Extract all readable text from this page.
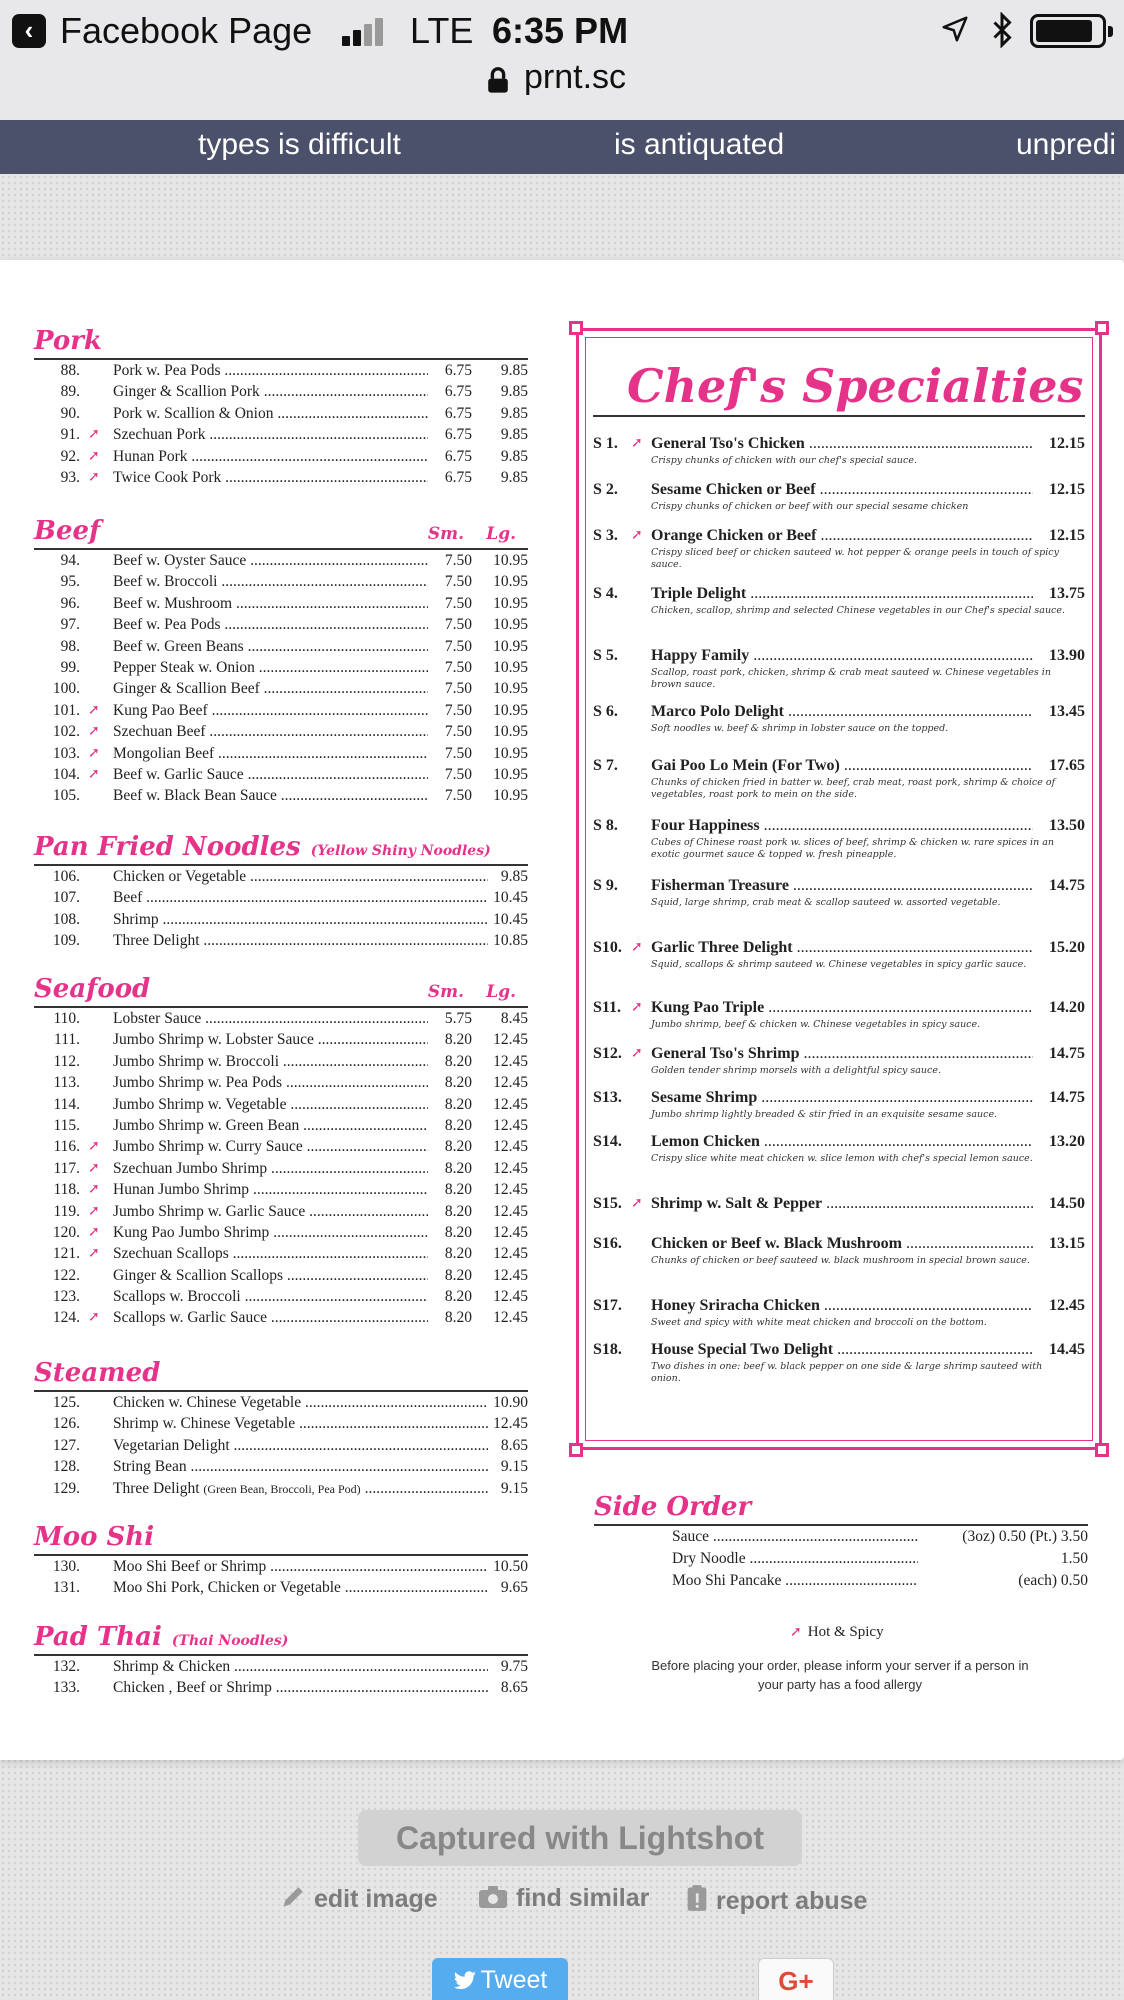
‹ Facebook Page	LTE 6:35 PM
prnt.sc
types is difficult	is antiquated	unpredi
Pork
88. Pork w. Pea Pods .....	6.75	9.85
89. Ginger & Scallion Pork .....	6.75	9.85
90. Pork w. Scallion & Onion .....	6.75	9.85
91. ➚ Szechuan Pork .....	6.75	9.85
92. ➚ Hunan Pork .....	6.75	9.85
93. ➚ Twice Cook Pork .....	6.75	9.85
Beef	Sm. Lg.
94. Beef w. Oyster Sauce .....	7.50	10.95
95. Beef w. Broccoli .....	7.50	10.95
96. Beef w. Mushroom .....	7.50	10.95
97. Beef w. Pea Pods .....	7.50	10.95
98. Beef w. Green Beans .....	7.50	10.95
99. Pepper Steak w. Onion .....	7.50	10.95
100. Ginger & Scallion Beef .....	7.50	10.95
101. ➚ Kung Pao Beef .....	7.50	10.95
102. ➚ Szechuan Beef .....	7.50	10.95
103. ➚ Mongolian Beef .....	7.50	10.95
104. ➚ Beef w. Garlic Sauce .....	7.50	10.95
105. Beef w. Black Bean Sauce .....	7.50	10.95
Pan Fried Noodles (Yellow Shiny Noodles)
106. Chicken or Vegetable .....	9.85
107. Beef .....	10.45
108. Shrimp .....	10.45
109. Three Delight .....	10.85
Seafood	Sm. Lg.
110. Lobster Sauce .....	5.75	8.45
111. Jumbo Shrimp w. Lobster Sauce .....	8.20	12.45
112. Jumbo Shrimp w. Broccoli .....	8.20	12.45
113. Jumbo Shrimp w. Pea Pods .....	8.20	12.45
114. Jumbo Shrimp w. Vegetable .....	8.20	12.45
115. Jumbo Shrimp w. Green Bean .....	8.20	12.45
116. ➚ Jumbo Shrimp w. Curry Sauce .....	8.20	12.45
117. ➚ Szechuan Jumbo Shrimp .....	8.20	12.45
118. ➚ Hunan Jumbo Shrimp .....	8.20	12.45
119. ➚ Jumbo Shrimp w. Garlic Sauce .....	8.20	12.45
120. ➚ Kung Pao Jumbo Shrimp .....	8.20	12.45
121. ➚ Szechuan Scallops .....	8.20	12.45
122. Ginger & Scallion Scallops .....	8.20	12.45
123. Scallops w. Broccoli .....	8.20	12.45
124. ➚ Scallops w. Garlic Sauce .....	8.20	12.45
Steamed
125. Chicken w. Chinese Vegetable .....	10.90
126. Shrimp w. Chinese Vegetable .....	12.45
127. Vegetarian Delight .....	8.65
128. String Bean .....	9.15
129. Three Delight (Green Bean, Broccoli, Pea Pod) .....	9.15
Moo Shi
130. Moo Shi Beef or Shrimp .....	10.50
131. Moo Shi Pork, Chicken or Vegetable .....	9.65
Pad Thai (Thai Noodles)
132. Shrimp & Chicken .....	9.75
133. Chicken , Beef or Shrimp .....	8.65
Chef's Specialties
S 1. ➚ General Tso's Chicken .....	12.15
Crispy chunks of chicken with our chef's special sauce.
S 2. Sesame Chicken or Beef .....	12.15
Crispy chunks of chicken or beef with our special sesame chicken
S 3. ➚ Orange Chicken or Beef .....	12.15
Crispy sliced beef or chicken sauteed w. hot pepper & orange peels in touch of spicy sauce.
S 4. Triple Delight .....	13.75
Chicken, scallop, shrimp and selected Chinese vegetables in our Chef's special sauce.
S 5. Happy Family .....	13.90
Scallop, roast pork, chicken, shrimp & crab meat sauteed w. Chinese vegetables in brown sauce.
S 6. Marco Polo Delight .....	13.45
Soft noodles w. beef & shrimp in lobster sauce on the topped.
S 7. Gai Poo Lo Mein (For Two) .....	17.65
Chunks of chicken fried in batter w. beef, crab meat, roast pork, shrimp & choice of vegetables, roast pork to mein on the side.
S 8. Four Happiness .....	13.50
Cubes of Chinese roast pork w. slices of beef, shrimp & chicken w. rare spices in an exotic gourmet sauce & topped w. fresh pineapple.
S 9. Fisherman Treasure .....	14.75
Squid, large shrimp, crab meat & scallop sauteed w. assorted vegetable.
S10. ➚ Garlic Three Delight .....	15.20
Squid, scallops & shrimp sauteed w. Chinese vegetables in spicy garlic sauce.
S11. ➚ Kung Pao Triple .....	14.20
Jumbo shrimp, beef & chicken w. Chinese vegetables in spicy sauce.
S12. ➚ General Tso's Shrimp .....	14.75
Golden tender shrimp morsels with a delightful spicy sauce.
S13. Sesame Shrimp .....	14.75
Jumbo shrimp lightly breaded & stir fried in an exquisite sesame sauce.
S14. Lemon Chicken .....	13.20
Crispy slice white meat chicken w. slice lemon with chef's special lemon sauce.
S15. ➚ Shrimp w. Salt & Pepper .....	14.50
S16. Chicken or Beef w. Black Mushroom .....	13.15
Chunks of chicken or beef sauteed w. black mushroom in special brown sauce.
S17. Honey Sriracha Chicken .....	12.45
Sweet and spicy with white meat chicken and broccoli on the bottom.
S18. House Special Two Delight .....	14.45
Two dishes in one: beef w. black pepper on one side & large shrimp sauteed with onion.
Side Order
Sauce .....	(3oz) 0.50 (Pt.) 3.50
Dry Noodle .....	1.50
Moo Shi Pancake .....	(each) 0.50
➚ Hot & Spicy
Before placing your order, please inform your server if a person in your party has a food allergy
Captured with Lightshot
edit image	find similar	report abuse
Tweet	G+
